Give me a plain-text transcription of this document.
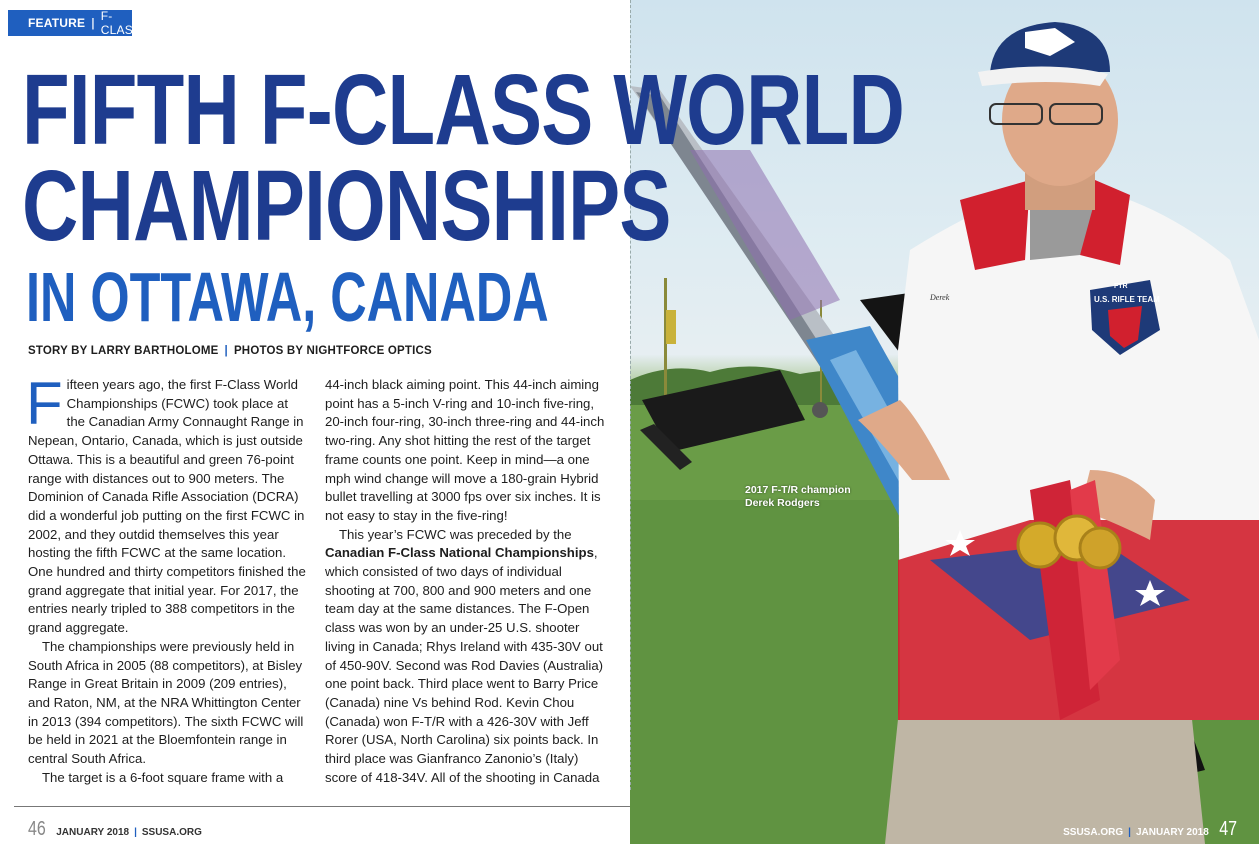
U.S. RIFLE TEAM
FTR
Derek
FEATURE | F-CLASS
FIFTH F-CLASS WORLD
CHAMPIONSHIPS
IN OTTAWA, CANADA
STORY BY LARRY BARTHOLOME | PHOTOS BY NIGHTFORCE OPTICS

Fifteen years ago, the first F-Class World Championships (FCWC) took place at the Canadian Army Connaught Range in Nepean, Ontario, Canada, which is just outside Ottawa. This is a beautiful and green 76-point range with distances out to 900 meters. The Dominion of Canada Rifle Association (DCRA) did a wonderful job putting on the first FCWC in 2002, and they outdid themselves this year hosting the fifth FCWC at the same location. One hundred and thirty competitors finished the grand aggregate that initial year. For 2017, the entries nearly tripled to 388 competitors in the grand aggregate.

The championships were previously held in South Africa in 2005 (88 competitors), at Bisley Range in Great Britain in 2009 (209 entries), and Raton, NM, at the NRA Whittington Center in 2013 (394 competitors). The sixth FCWC will be held in 2021 at the Bloemfontein range in central South Africa.

The target is a 6-foot square frame with a

44-inch black aiming point. This 44-inch aiming point has a 5-inch V-ring and 10-inch five-ring, 20-inch four-ring, 30-inch three-ring and 44-inch two-ring. Any shot hitting the rest of the target frame counts one point. Keep in mind—a one mph wind change will move a 180-grain Hybrid bullet travelling at 3000 fps over six inches. It is not easy to stay in the five-ring!

This year’s FCWC was preceded by the Canadian F-Class National Championships, which consisted of two days of individual shooting at 700, 800 and 900 meters and one team day at the same distances. The F-Open class was won by an under-25 U.S. shooter living in Canada; Rhys Ireland with 435-30V out of 450-90V. Second was Rod Davies (Australia) one point back. Third place went to Barry Price (Canada) nine Vs behind Rod. Kevin Chou (Canada) won F-T/R with a 426-30V with Jeff Rorer (USA, North Carolina) six points back. In third place was Gianfranco Zanonio’s (Italy) score of 418-34V. All of the shooting in Canada

2017 F-T/R champion
Derek Rodgers
46 JANUARY 2018 | SSUSA.ORG	SSUSA.ORG | JANUARY 2018 47
